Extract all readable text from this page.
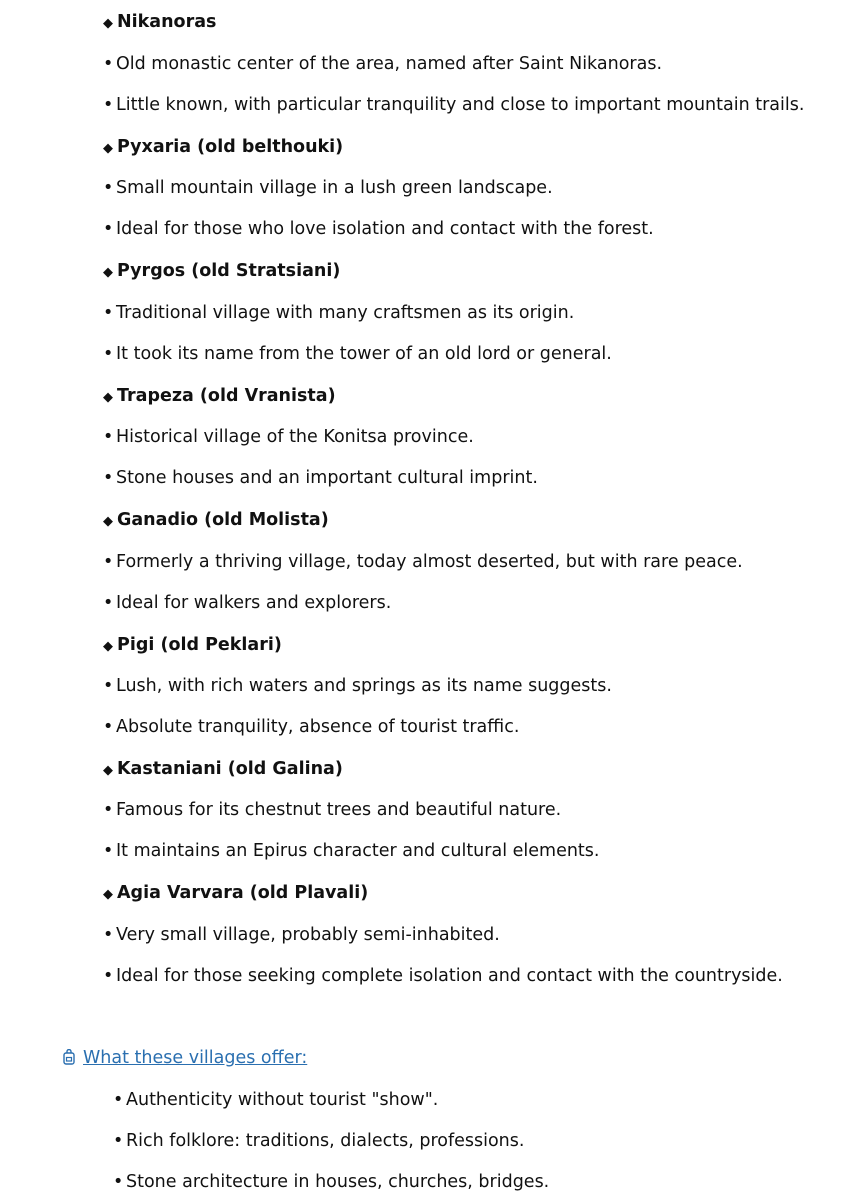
◆ Nikanoras
• Old monastic center of the area, named after Saint Nikanoras.
• Little known, with particular tranquility and close to important mountain trails.
◆ Pyxaria (old belthouki)
• Small mountain village in a lush green landscape.
• Ideal for those who love isolation and contact with the forest.
◆ Pyrgos (old Stratsiani)
• Traditional village with many craftsmen as its origin.
• It took its name from the tower of an old lord or general.
◆ Trapeza (old Vranista)
• Historical village of the Konitsa province.
• Stone houses and an important cultural imprint.
◆ Ganadio (old Molista)
• Formerly a thriving village, today almost deserted, but with rare peace.
• Ideal for walkers and explorers.
◆ Pigi (old Peklari)
• Lush, with rich waters and springs as its name suggests.
• Absolute tranquility, absence of tourist traffic.
◆ Kastaniani (old Galina)
• Famous for its chestnut trees and beautiful nature.
• It maintains an Epirus character and cultural elements.
◆ Agia Varvara (old Plavali)
• Very small village, probably semi-inhabited.
• Ideal for those seeking complete isolation and contact with the countryside.
What these villages offer:
• Authenticity without tourist "show".
• Rich folklore: traditions, dialects, professions.
• Stone architecture in houses, churches, bridges.
